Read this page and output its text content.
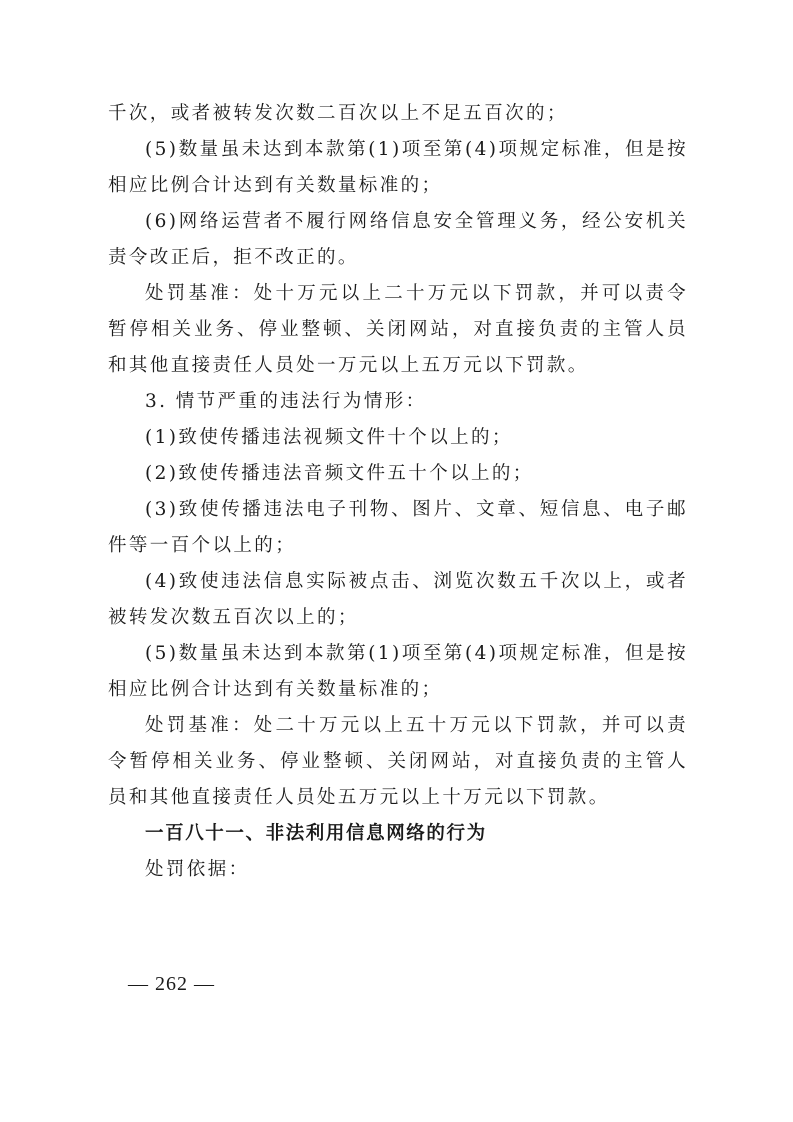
千次，或者被转发次数二百次以上不足五百次的；

(5)数量虽未达到本款第(1)项至第(4)项规定标准，但是按相应比例合计达到有关数量标准的；

(6)网络运营者不履行网络信息安全管理义务，经公安机关责令改正后，拒不改正的。

处罚基准：处十万元以上二十万元以下罚款，并可以责令暂停相关业务、停业整顿、关闭网站，对直接负责的主管人员和其他直接责任人员处一万元以上五万元以下罚款。

3. 情节严重的违法行为情形：

(1)致使传播违法视频文件十个以上的；

(2)致使传播违法音频文件五十个以上的；

(3)致使传播违法电子刊物、图片、文章、短信息、电子邮件等一百个以上的；

(4)致使违法信息实际被点击、浏览次数五千次以上，或者被转发次数五百次以上的；

(5)数量虽未达到本款第(1)项至第(4)项规定标准，但是按相应比例合计达到有关数量标准的；

处罚基准：处二十万元以上五十万元以下罚款，并可以责令暂停相关业务、停业整顿、关闭网站，对直接负责的主管人员和其他直接责任人员处五万元以上十万元以下罚款。

一百八十一、非法利用信息网络的行为

处罚依据：

— 262 —
